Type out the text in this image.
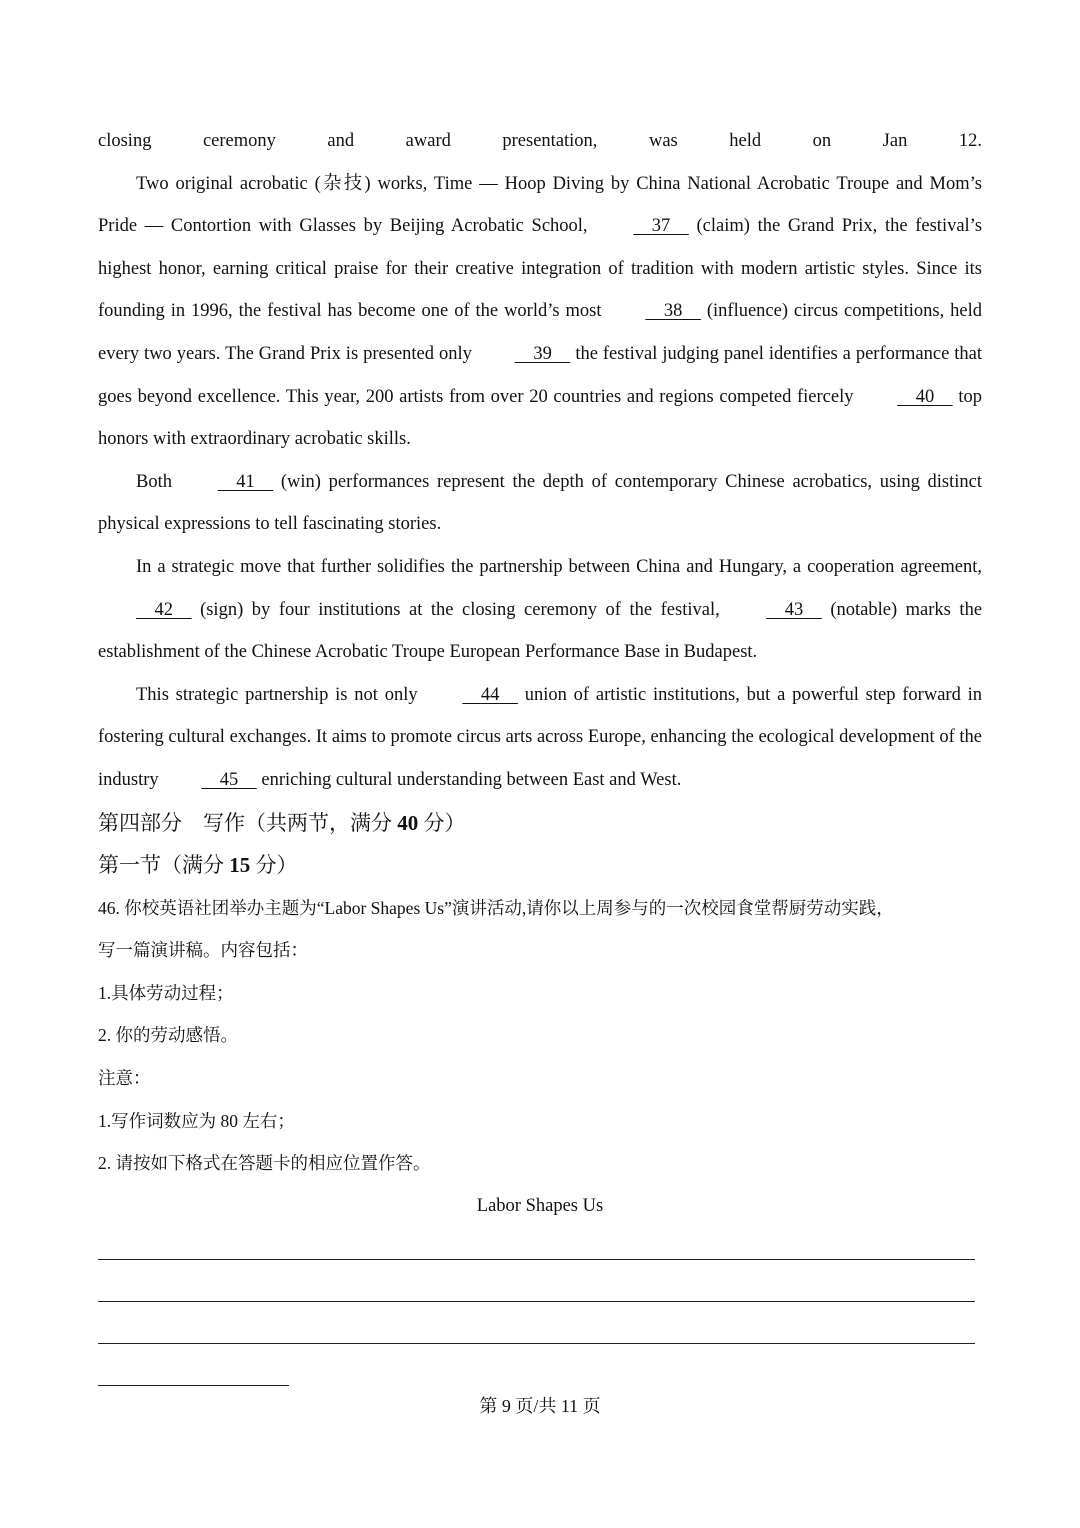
closing ceremony and award presentation, was held on Jan 12.

Two original acrobatic (杂技) works, Time — Hoop Diving by China National Acrobatic Troupe and Mom’s Pride — Contortion with Glasses by Beijing Acrobatic School,	37 (claim) the Grand Prix, the festival’s highest honor, earning critical praise for their creative integration of tradition with modern artistic styles. Since its founding in 1996, the festival has become one of the world’s most	38 (influence) circus competitions, held every two years. The Grand Prix is presented only	39 the festival judging panel identifies a performance that goes beyond excellence. This year, 200 artists from over 20 countries and regions competed fiercely	40 top honors with extraordinary acrobatic skills.

Both	41 (win) performances represent the depth of contemporary Chinese acrobatics, using distinct physical expressions to tell fascinating stories.

In a strategic move that further solidifies the partnership between China and Hungary, a cooperation agreement,     42 (sign) by four institutions at the closing ceremony of the festival,	43 (notable) marks the establishment of the Chinese Acrobatic Troupe European Performance Base in Budapest.

This strategic partnership is not only	44 union of artistic institutions, but a powerful step forward in fostering cultural exchanges. It aims to promote circus arts across Europe, enhancing the ecological development of the industry	45 enriching cultural understanding between East and West.

第四部分　写作（共两节，满分 40 分）

第一节（满分 15 分）

46. 你校英语社团举办主题为“Labor Shapes Us”演讲活动,请你以上周参与的一次校园食堂帮厨劳动实践，

写一篇演讲稿。内容包括：

1.具体劳动过程；

2. 你的劳动感悟。

注意：

1.写作词数应为 80 左右；

2. 请按如下格式在答题卡的相应位置作答。

Labor Shapes Us

第 9 页/共 11 页
